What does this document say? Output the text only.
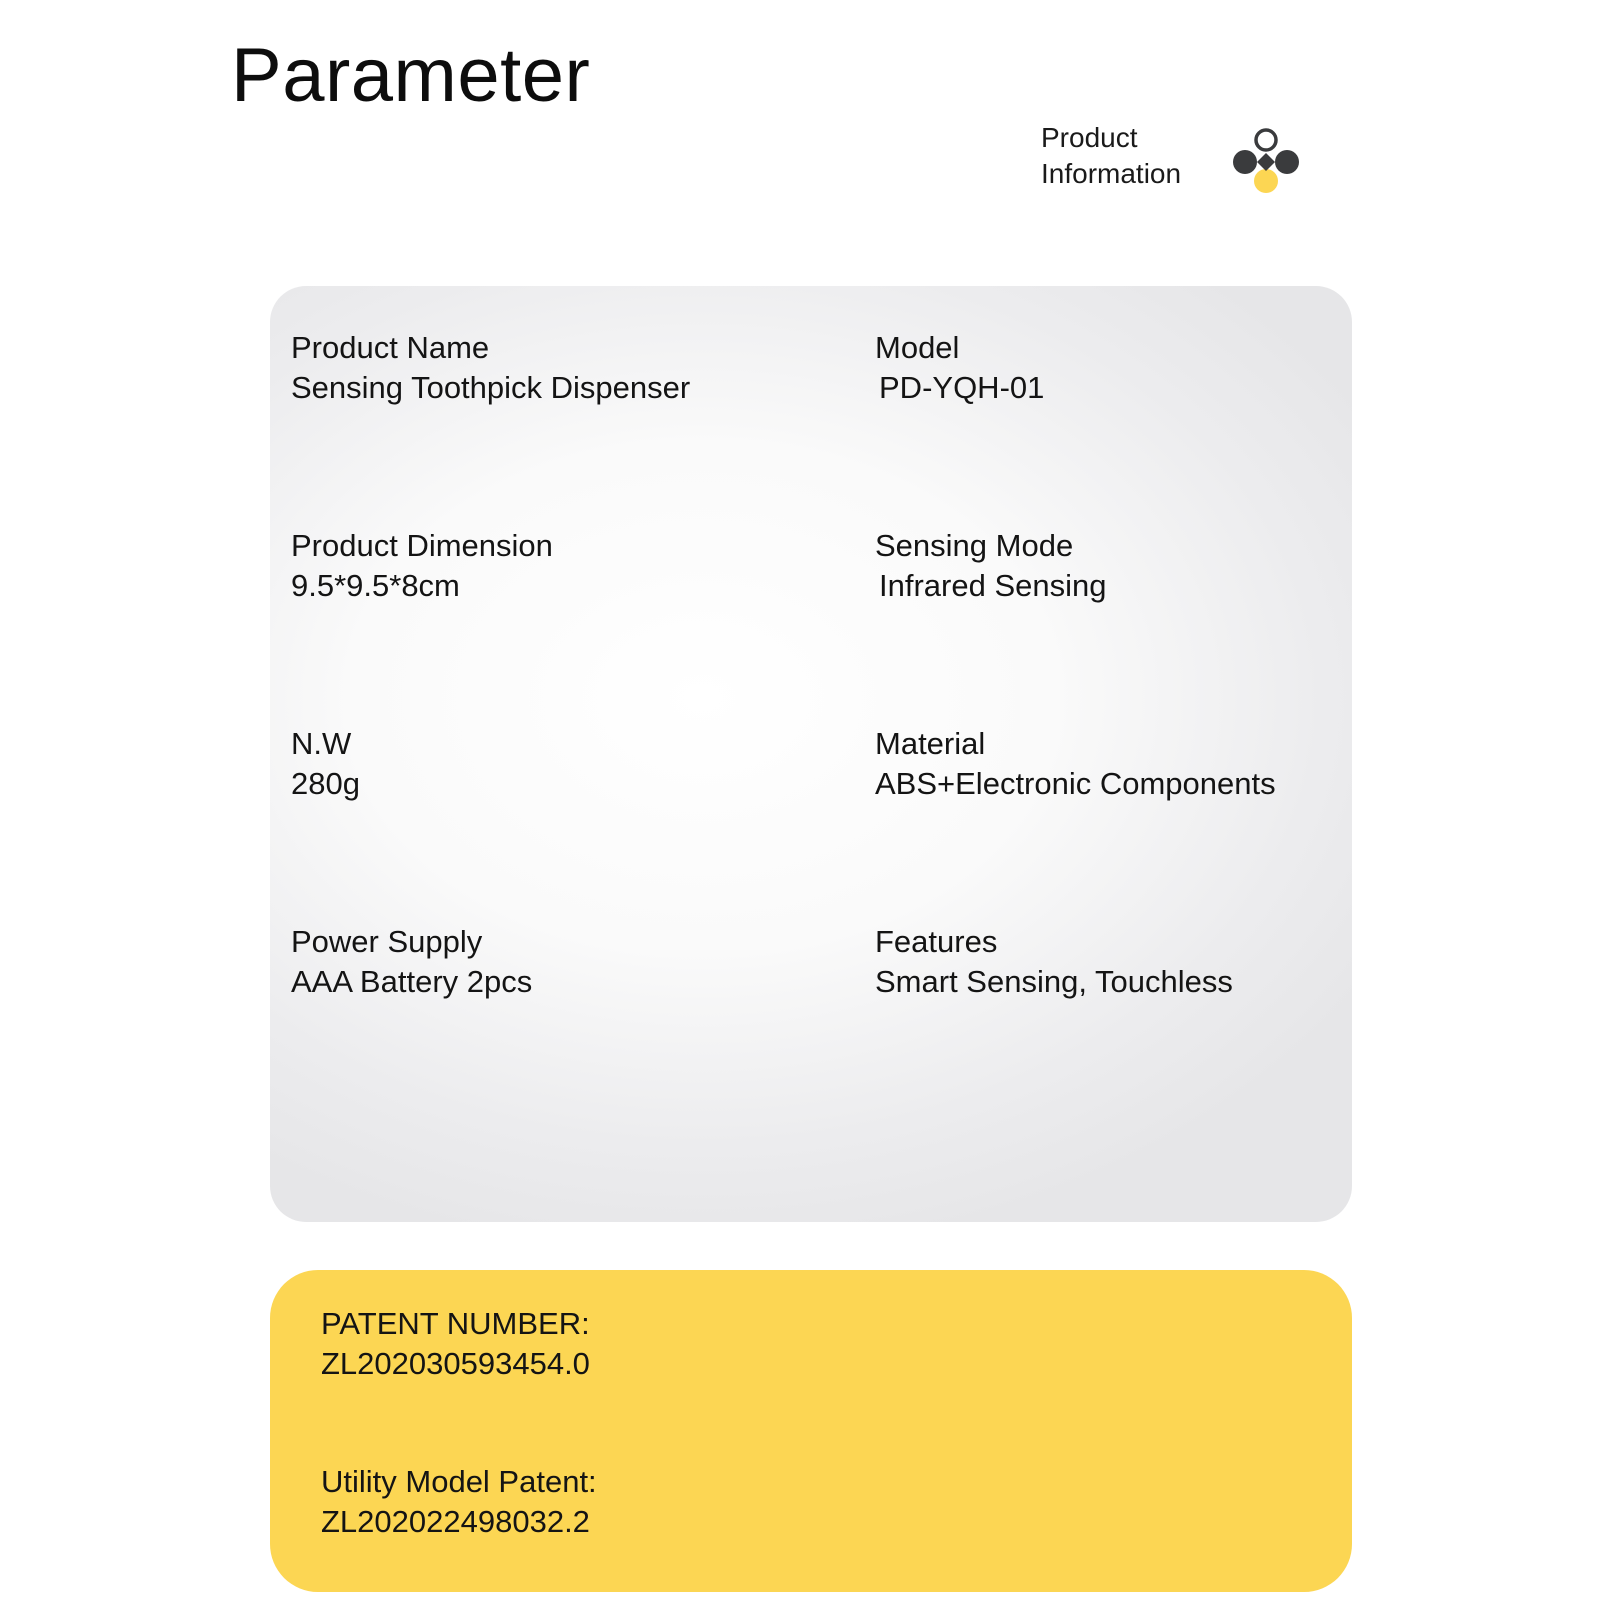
Parameter
Product
Information
Product Name
Sensing Toothpick Dispenser
Model
PD-YQH-01
Product Dimension
9.5*9.5*8cm
Sensing Mode
Infrared Sensing
N.W
280g
Material
ABS+Electronic Components
Power Supply
AAA Battery 2pcs
Features
Smart Sensing, Touchless
PATENT NUMBER:
ZL202030593454.0
Utility Model Patent:
ZL202022498032.2
